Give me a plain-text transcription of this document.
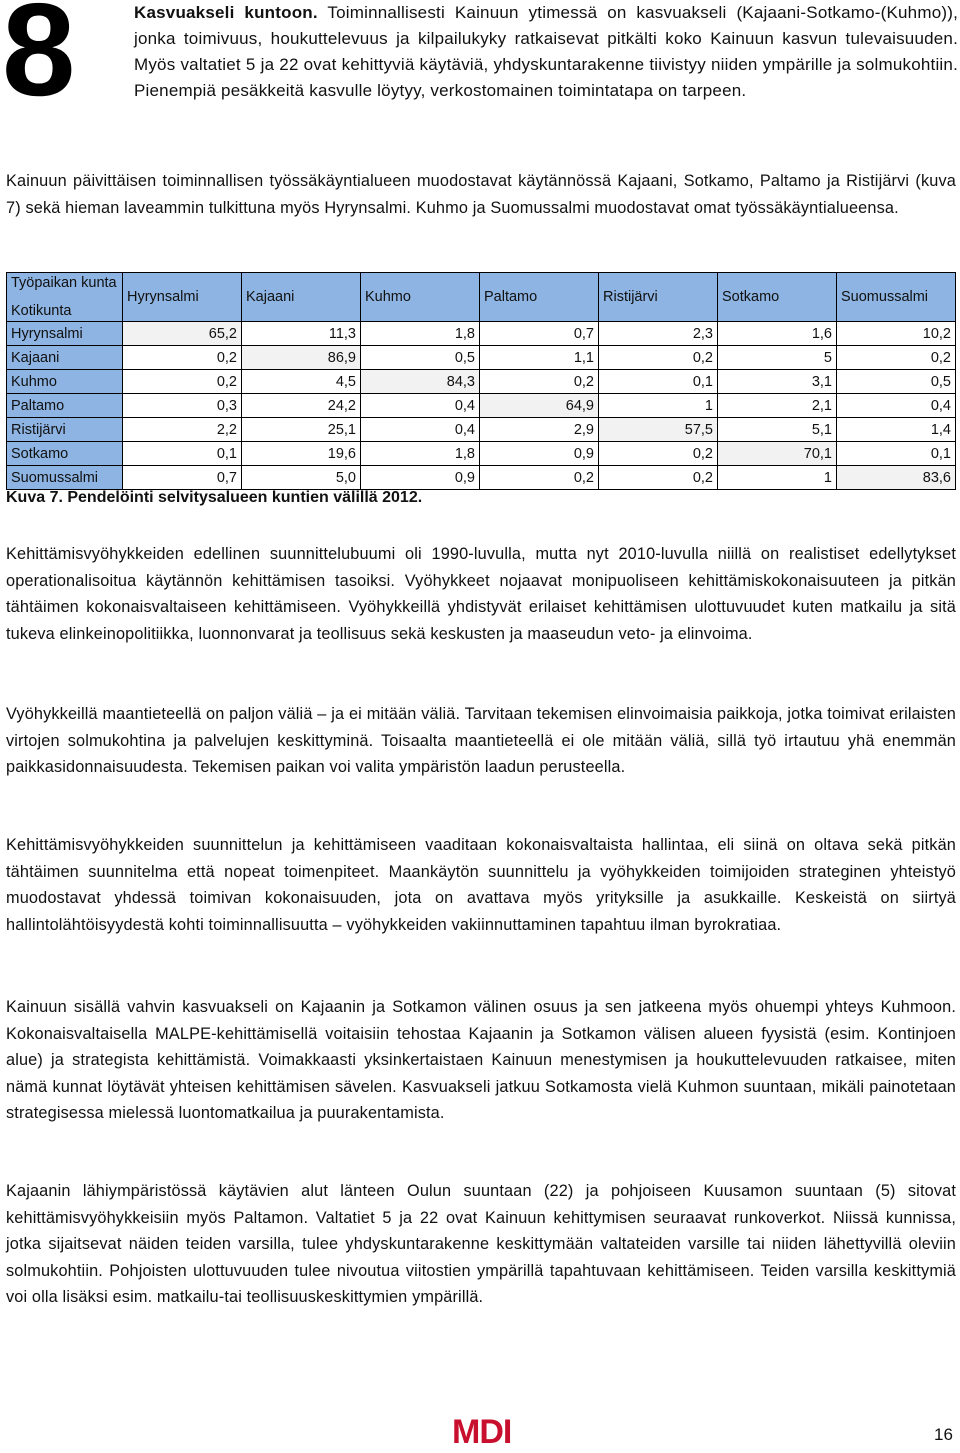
8	Kasvuakseli kuntoon. Toiminnallisesti Kainuun ytimessä on kasvuakseli (Kajaani-Sotkamo-(Kuhmo)), jonka toimivuus, houkuttelevuus ja kilpailukyky ratkaisevat pitkälti koko Kainuun kasvun tulevaisuuden. Myös valtatiet 5 ja 22 ovat kehittyviä käytäviä, yhdyskuntarakenne tiivistyy niiden ympärille ja solmukohtiin. Pienempiä pesäkkeitä kasvulle löytyy, verkostomainen toimintatapa on tarpeen.
Kainuun päivittäisen toiminnallisen työssäkäyntialueen muodostavat käytännössä Kajaani, Sotkamo, Paltamo ja Ristijärvi (kuva 7) sekä hieman laveammin tulkittuna myös Hyrynsalmi. Kuhmo ja Suomussalmi muodostavat omat työssäkäyntialueensa.
Työpaikan kunta
Kotikunta	Hyrynsalmi	Kajaani	Kuhmo	Paltamo	Ristijärvi	Sotkamo	Suomussalmi
Hyrynsalmi	65,2	11,3	1,8	0,7	2,3	1,6	10,2
Kajaani	0,2	86,9	0,5	1,1	0,2	5	0,2
Kuhmo	0,2	4,5	84,3	0,2	0,1	3,1	0,5
Paltamo	0,3	24,2	0,4	64,9	1	2,1	0,4
Ristijärvi	2,2	25,1	0,4	2,9	57,5	5,1	1,4
Sotkamo	0,1	19,6	1,8	0,9	0,2	70,1	0,1
Suomussalmi	0,7	5,0	0,9	0,2	0,2	1	83,6
Kuva 7. Pendelöinti selvitysalueen kuntien välillä 2012.
Kehittämisvyöhykkeiden edellinen suunnittelubuumi oli 1990-luvulla, mutta nyt 2010-luvulla niillä on realistiset edellytykset operationalisoitua käytännön kehittämisen tasoiksi. Vyöhykkeet nojaavat monipuoliseen kehittämiskokonaisuuteen ja pitkän tähtäimen kokonaisvaltaiseen kehittämiseen. Vyöhykkeillä yhdistyvät erilaiset kehittämisen ulottuvuudet kuten matkailu ja sitä tukeva elinkeinopolitiikka, luonnonvarat ja teollisuus sekä keskusten ja maaseudun veto- ja elinvoima.
Vyöhykkeillä maantieteellä on paljon väliä – ja ei mitään väliä. Tarvitaan tekemisen elinvoimaisia paikkoja, jotka toimivat erilaisten virtojen solmukohtina ja palvelujen keskittyminä. Toisaalta maantieteellä ei ole mitään väliä, sillä työ irtautuu yhä enemmän paikkasidonnaisuudesta. Tekemisen paikan voi valita ympäristön laadun perusteella.
Kehittämisvyöhykkeiden suunnittelun ja kehittämiseen vaaditaan kokonaisvaltaista hallintaa, eli siinä on oltava sekä pitkän tähtäimen suunnitelma että nopeat toimenpiteet. Maankäytön suunnittelu ja vyöhykkeiden toimijoiden strateginen yhteistyö muodostavat yhdessä toimivan kokonaisuuden, jota on avattava myös yrityksille ja asukkaille. Keskeistä on siirtyä hallintolähtöisyydestä kohti toiminnallisuutta – vyöhykkeiden vakiinnuttaminen tapahtuu ilman byrokratiaa.
Kainuun sisällä vahvin kasvuakseli on Kajaanin ja Sotkamon välinen osuus ja sen jatkeena myös ohuempi yhteys Kuhmoon. Kokonaisvaltaisella MALPE-kehittämisellä voitaisiin tehostaa Kajaanin ja Sotkamon välisen alueen fyysistä (esim. Kontinjoen alue) ja strategista kehittämistä. Voimakkaasti yksinkertaistaen Kainuun menestymisen ja houkuttelevuuden ratkaisee, miten nämä kunnat löytävät yhteisen kehittämisen sävelen. Kasvuakseli jatkuu Sotkamosta vielä Kuhmon suuntaan, mikäli painotetaan strategisessa mielessä luontomatkailua ja puurakentamista.
Kajaanin lähiympäristössä käytävien alut länteen Oulun suuntaan (22) ja pohjoiseen Kuusamon suuntaan (5) sitovat kehittämisvyöhykkeisiin myös Paltamon. Valtatiet 5 ja 22 ovat Kainuun kehittymisen seuraavat runkoverkot. Niissä kunnissa, jotka sijaitsevat näiden teiden varsilla, tulee yhdyskuntarakenne keskittymään valtateiden varsille tai niiden lähettyvillä oleviin solmukohtiin. Pohjoisten ulottuvuuden tulee nivoutua viitostien ympärillä tapahtuvaan kehittämiseen. Teiden varsilla keskittymiä voi olla lisäksi esim. matkailu-tai teollisuuskeskittymien ympärillä.
MDI	16
